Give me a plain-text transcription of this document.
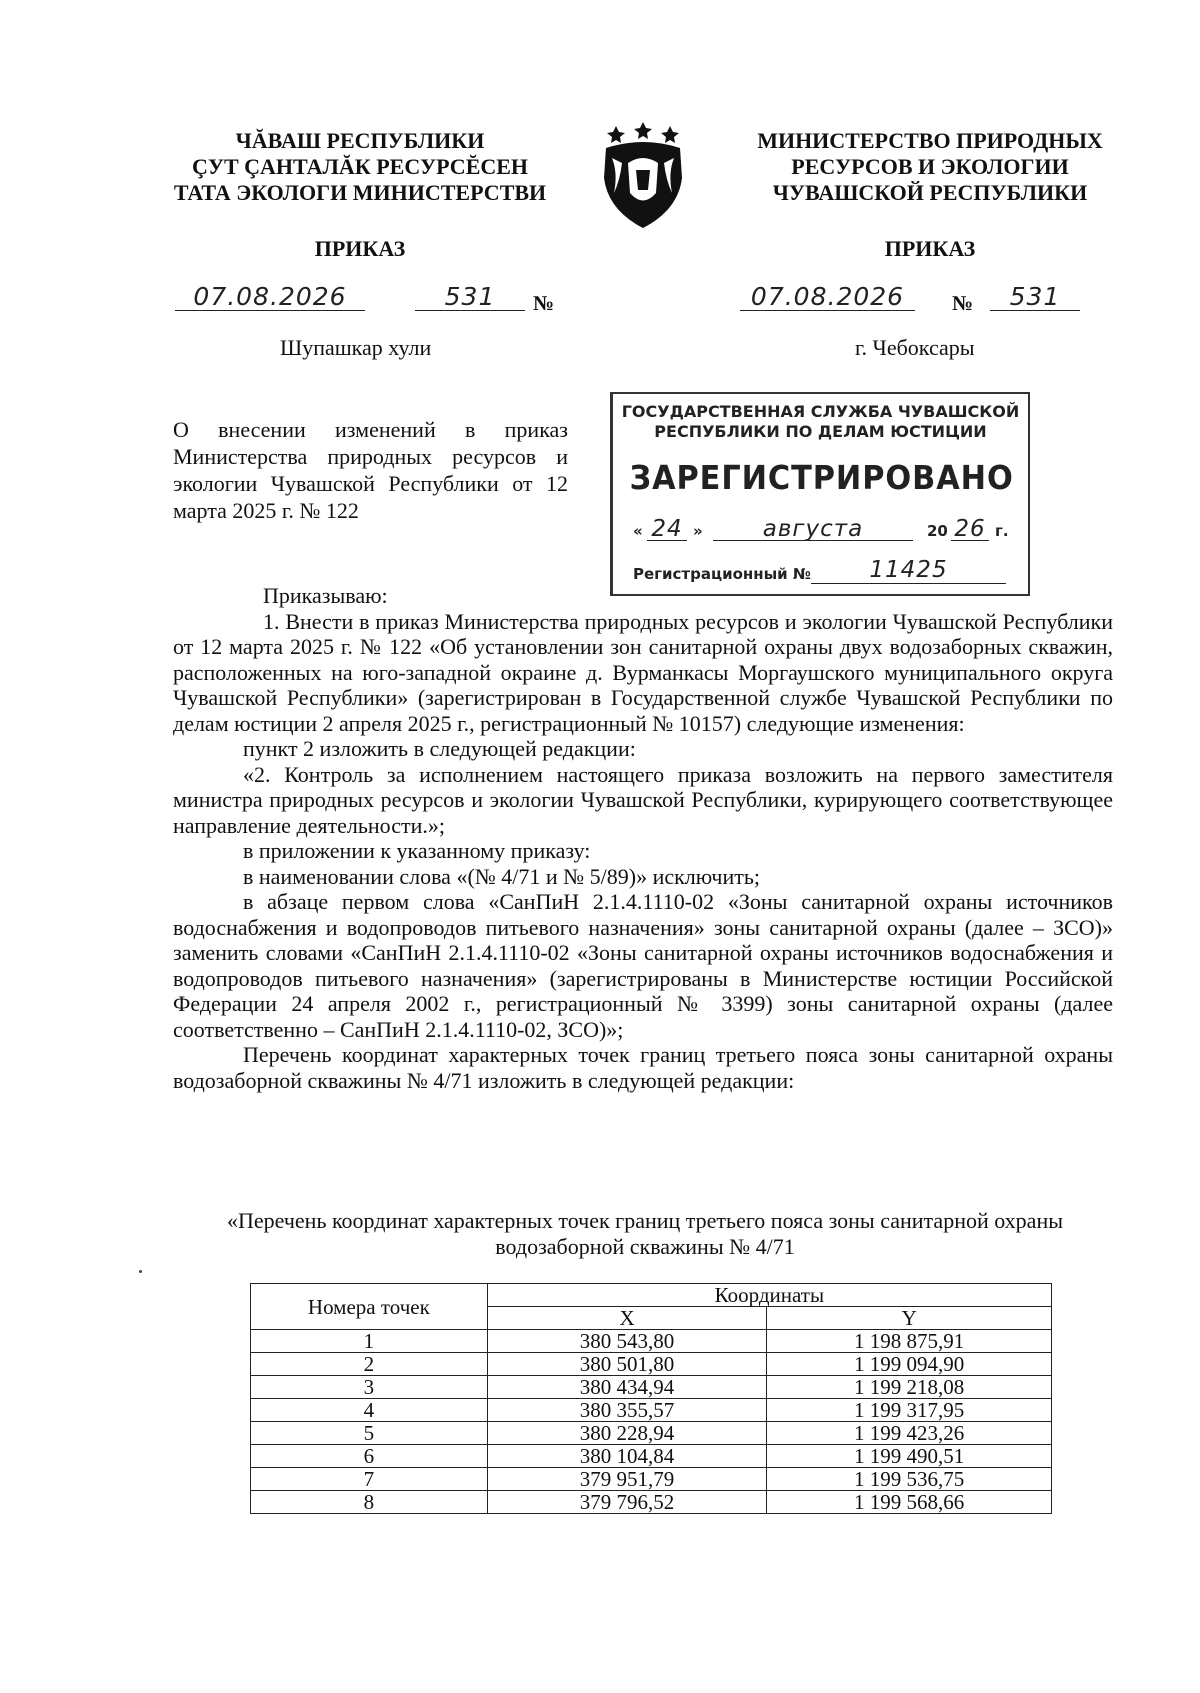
ЧĂВАШ РЕСПУБЛИКИ
ÇУТ ÇАНТАЛĂК РЕСУРСĔСЕН
ТАТА ЭКОЛОГИ МИНИСТЕРСТВИ
МИНИСТЕРСТВО ПРИРОДНЫХ
РЕСУРСОВ И ЭКОЛОГИИ
ЧУВАШСКОЙ РЕСПУБЛИКИ
ПРИКАЗ	ПРИКАЗ
07.08.2026	531	№	07.08.2026	№	531
Шупашкар хули	г. Чебоксары
О внесении изменений в приказ Министерства природных ресурсов и экологии Чувашской Республики от 12 марта 2025 г. № 122
ГОСУДАРСТВЕННАЯ СЛУЖБА ЧУВАШСКОЙ
РЕСПУБЛИКИ ПО ДЕЛАМ ЮСТИЦИИ
ЗАРЕГИСТРИРОВАНО
« 24 »	августа	20 26 г.
Регистрационный №	11425

Приказываю:

1. Внести в приказ Министерства природных ресурсов и экологии Чувашской Республики от 12 марта 2025 г. № 122 «Об установлении зон санитарной охраны двух водозаборных скважин, расположенных на юго-западной окраине д. Вурманкасы Моргаушского муниципального округа Чувашской Республики» (зарегистрирован в Государственной службе Чувашской Республики по делам юстиции 2 апреля 2025 г., регистрационный № 10157) следующие изменения:

пункт 2 изложить в следующей редакции:

«2. Контроль за исполнением настоящего приказа возложить на первого заместителя министра природных ресурсов и экологии Чувашской Республики, курирующего соответствующее направление деятельности.»;

в приложении к указанному приказу:

в наименовании слова «(№ 4/71 и № 5/89)» исключить;

в абзаце первом слова «СанПиН 2.1.4.1110-02 «Зоны санитарной охраны источников водоснабжения и водопроводов питьевого назначения» зоны санитарной охраны (далее – ЗСО)» заменить словами «СанПиН 2.1.4.1110-02 «Зоны санитарной охраны источников водоснабжения и водопроводов питьевого назначения» (зарегистрированы в Министерстве юстиции Российской Федерации 24 апреля 2002 г., регистрационный № 3399) зоны санитарной охраны (далее соответственно – СанПиН 2.1.4.1110-02, ЗСО)»;

Перечень координат характерных точек границ третьего пояса зоны санитарной охраны водозаборной скважины № 4/71 изложить в следующей редакции:

«Перечень координат характерных точек границ третьего пояса зоны санитарной охраны
водозаборной скважины № 4/71
Номера точек	Координаты	
	X	Y
1	380 543,80	1 198 875,91
2	380 501,80	1 199 094,90
3	380 434,94	1 199 218,08
4	380 355,57	1 199 317,95
5	380 228,94	1 199 423,26
6	380 104,84	1 199 490,51
7	379 951,79	1 199 536,75
8	379 796,52	1 199 568,66
